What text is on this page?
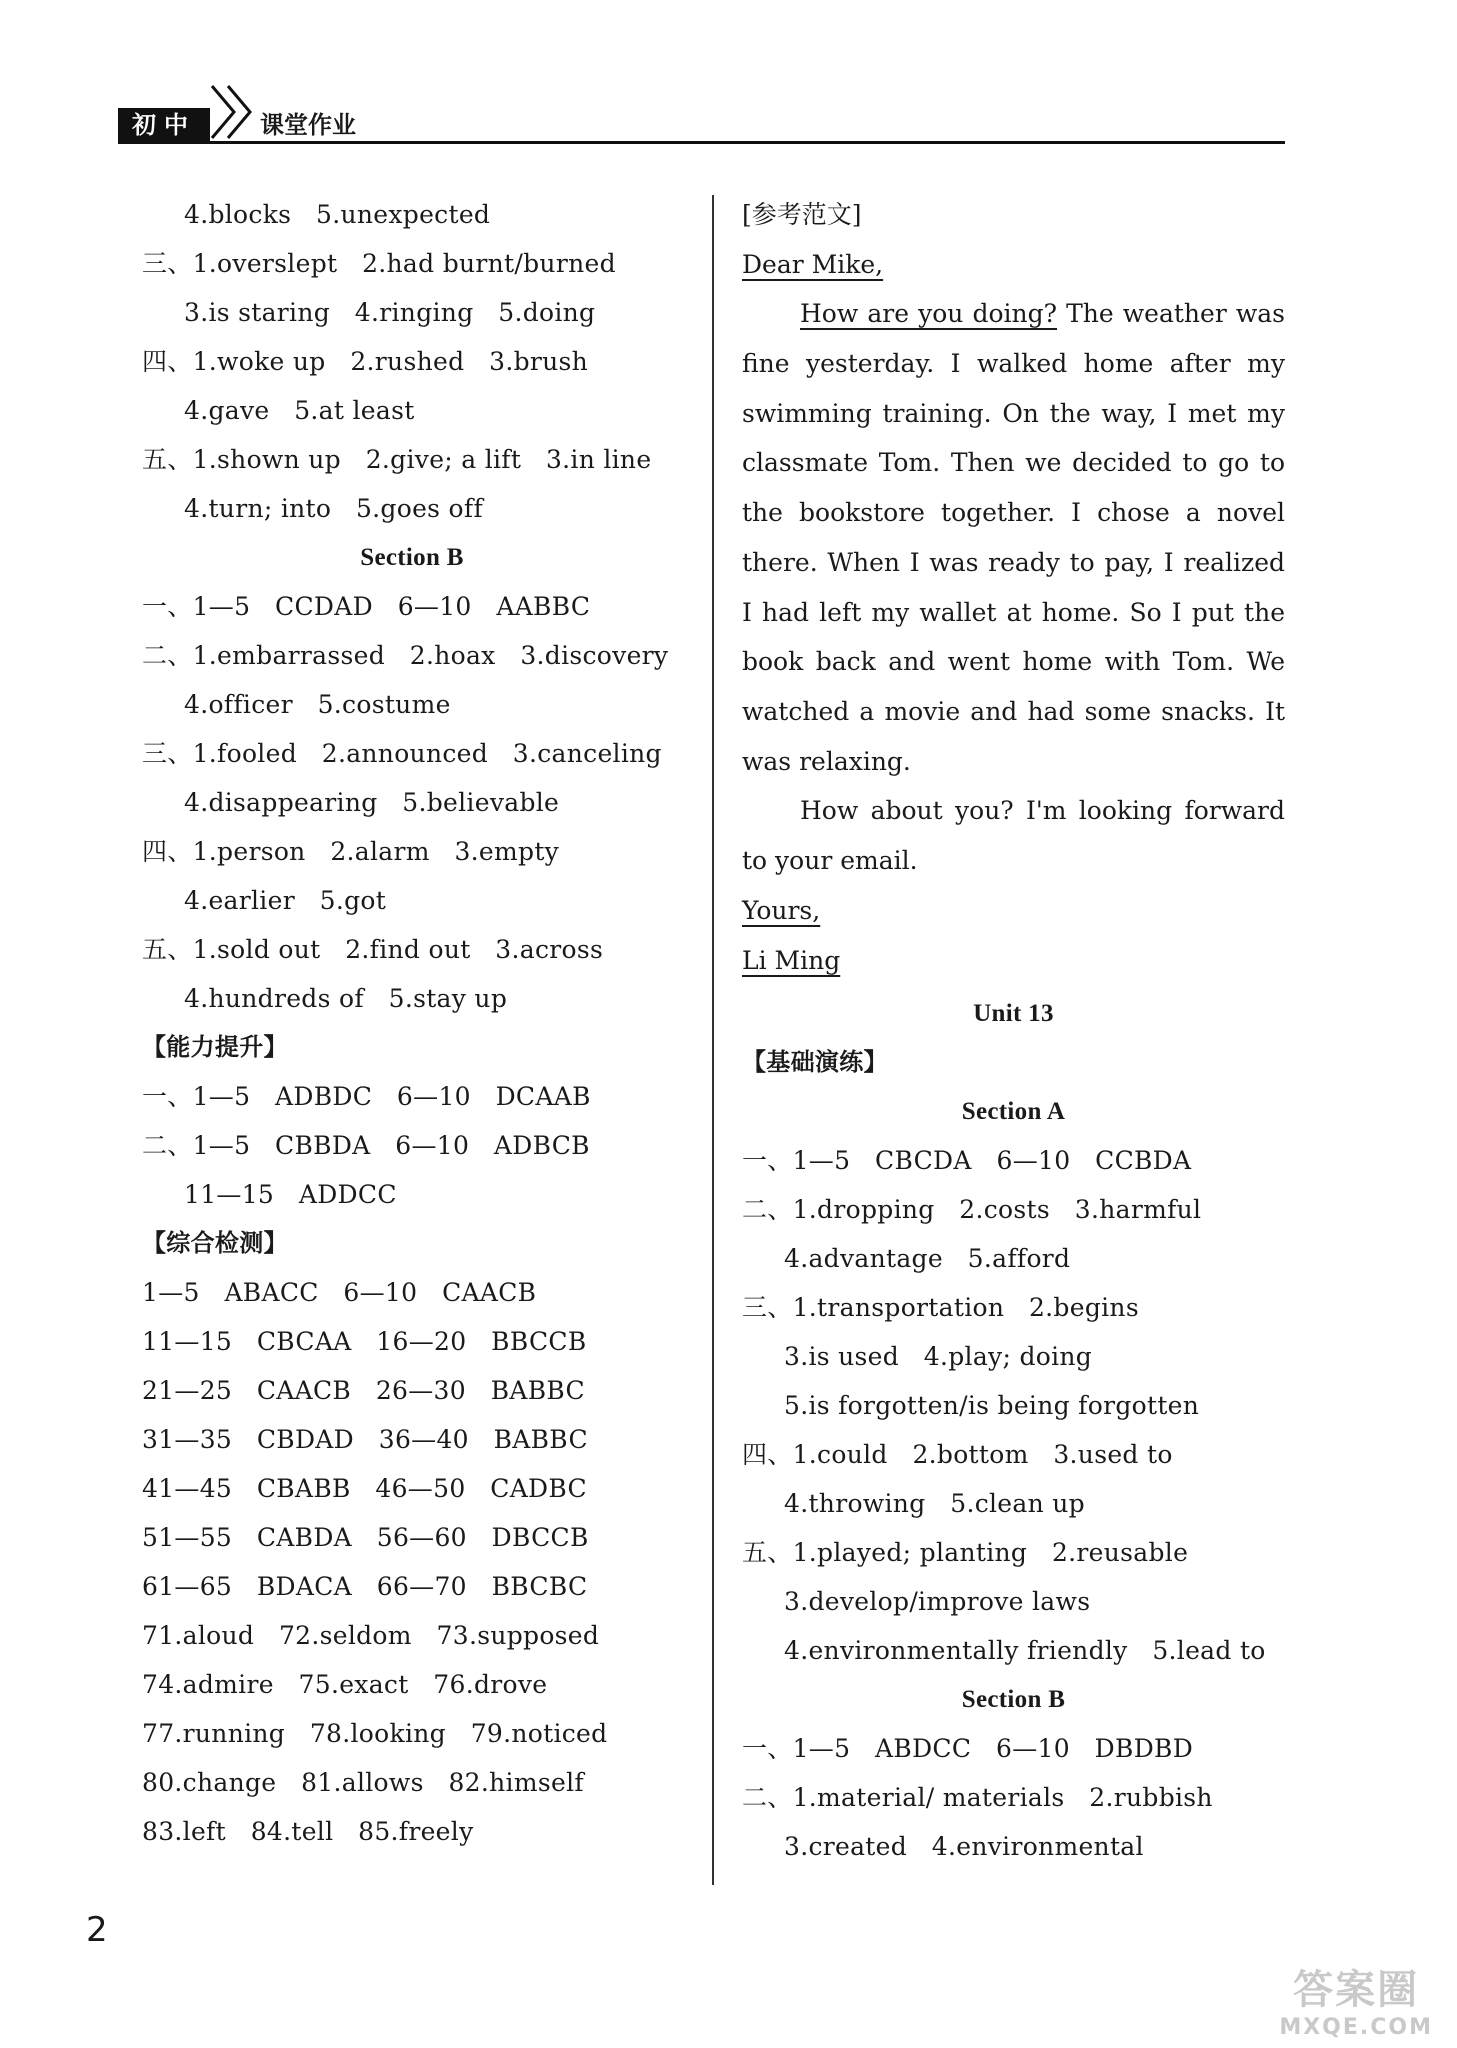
初中	课堂作业
4.blocks   5.unexpected
三、1.overslept   2.had burnt/burned
3.is staring   4.ringing   5.doing
四、1.woke up   2.rushed   3.brush
4.gave   5.at least
五、1.shown up   2.give; a lift   3.in line
4.turn; into   5.goes off
Section B
一、1—5   CCDAD   6—10   AABBC
二、1.embarrassed   2.hoax   3.discovery
4.officer   5.costume
三、1.fooled   2.announced   3.canceling
4.disappearing   5.believable
四、1.person   2.alarm   3.empty
4.earlier   5.got
五、1.sold out   2.find out   3.across
4.hundreds of   5.stay up
【能力提升】
一、1—5   ADBDC   6—10   DCAAB
二、1—5   CBBDA   6—10   ADBCB
11—15   ADDCC
【综合检测】
1—5   ABACC   6—10   CAACB
11—15   CBCAA   16—20   BBCCB
21—25   CAACB   26—30   BABBC
31—35   CBDAD   36—40   BABBC
41—45   CBABB   46—50   CADBC
51—55   CABDA   56—60   DBCCB
61—65   BDACA   66—70   BBCBC
71.aloud   72.seldom   73.supposed
74.admire   75.exact   76.drove
77.running   78.looking   79.noticed
80.change   81.allows   82.himself
83.left   84.tell   85.freely
[参考范文]
Dear Mike,
How are you doing? The weather was
fine yesterday. I walked home after my
swimming training. On the way, I met my
classmate Tom. Then we decided to go to
the bookstore together. I chose a novel
there. When I was ready to pay, I realized
I had left my wallet at home. So I put the
book back and went home with Tom. We
watched a movie and had some snacks. It
was relaxing.
How about you? I'm looking forward
to your email.
Yours,
Li Ming
Unit 13
【基础演练】
Section A
一、1—5   CBCDA   6—10   CCBDA
二、1.dropping   2.costs   3.harmful
4.advantage   5.afford
三、1.transportation   2.begins
3.is used   4.play; doing
5.is forgotten/is being forgotten
四、1.could   2.bottom   3.used to
4.throwing   5.clean up
五、1.played; planting   2.reusable
3.develop/improve laws
4.environmentally friendly   5.lead to
Section B
一、1—5   ABDCC   6—10   DBDBD
二、1.material/ materials   2.rubbish
3.created   4.environmental
2
答案圈
MXQE.COM
